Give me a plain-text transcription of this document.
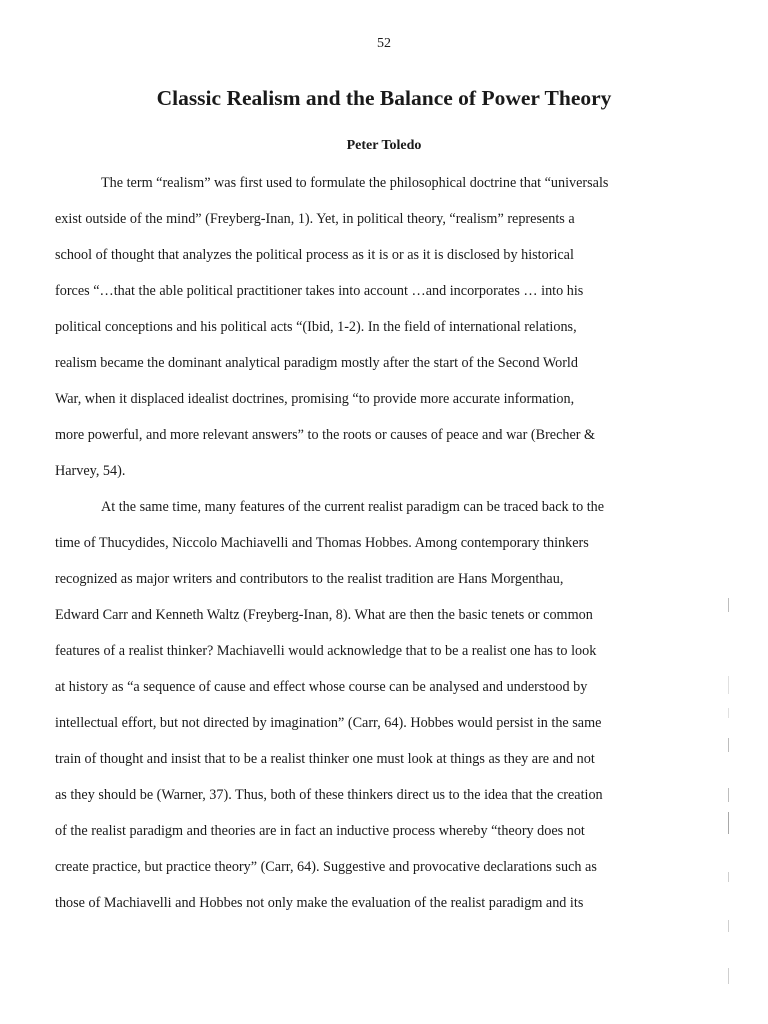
52
Classic Realism and the Balance of Power Theory
Peter Toledo
The term “realism” was first used to formulate the philosophical doctrine that “universals
exist outside of the mind” (Freyberg-Inan, 1). Yet, in political theory, “realism” represents a
school of thought that analyzes the political process as it is or as it is disclosed by historical
forces “…that the able political practitioner takes into account …and incorporates … into his
political conceptions and his political acts “(Ibid, 1-2). In the field of international relations,
realism became the dominant analytical paradigm mostly after the start of the Second World
War, when it displaced idealist doctrines, promising “to provide more accurate information,
more powerful, and more relevant answers” to the roots or causes of peace and war (Brecher &
Harvey, 54).
At the same time, many features of the current realist paradigm can be traced back to the
time of Thucydides, Niccolo Machiavelli and Thomas Hobbes. Among contemporary thinkers
recognized as major writers and contributors to the realist tradition are Hans Morgenthau,
Edward Carr and Kenneth Waltz (Freyberg-Inan, 8). What are then the basic tenets or common
features of a realist thinker? Machiavelli would acknowledge that to be a realist one has to look
at history as “a sequence of cause and effect whose course can be analysed and understood by
intellectual effort, but not directed by imagination” (Carr, 64). Hobbes would persist in the same
train of thought and insist that to be a realist thinker one must look at things as they are and not
as they should be (Warner, 37). Thus, both of these thinkers direct us to the idea that the creation
of the realist paradigm and theories are in fact an inductive process whereby “theory does not
create practice, but practice theory” (Carr, 64). Suggestive and provocative declarations such as
those of Machiavelli and Hobbes not only make the evaluation of the realist paradigm and its
